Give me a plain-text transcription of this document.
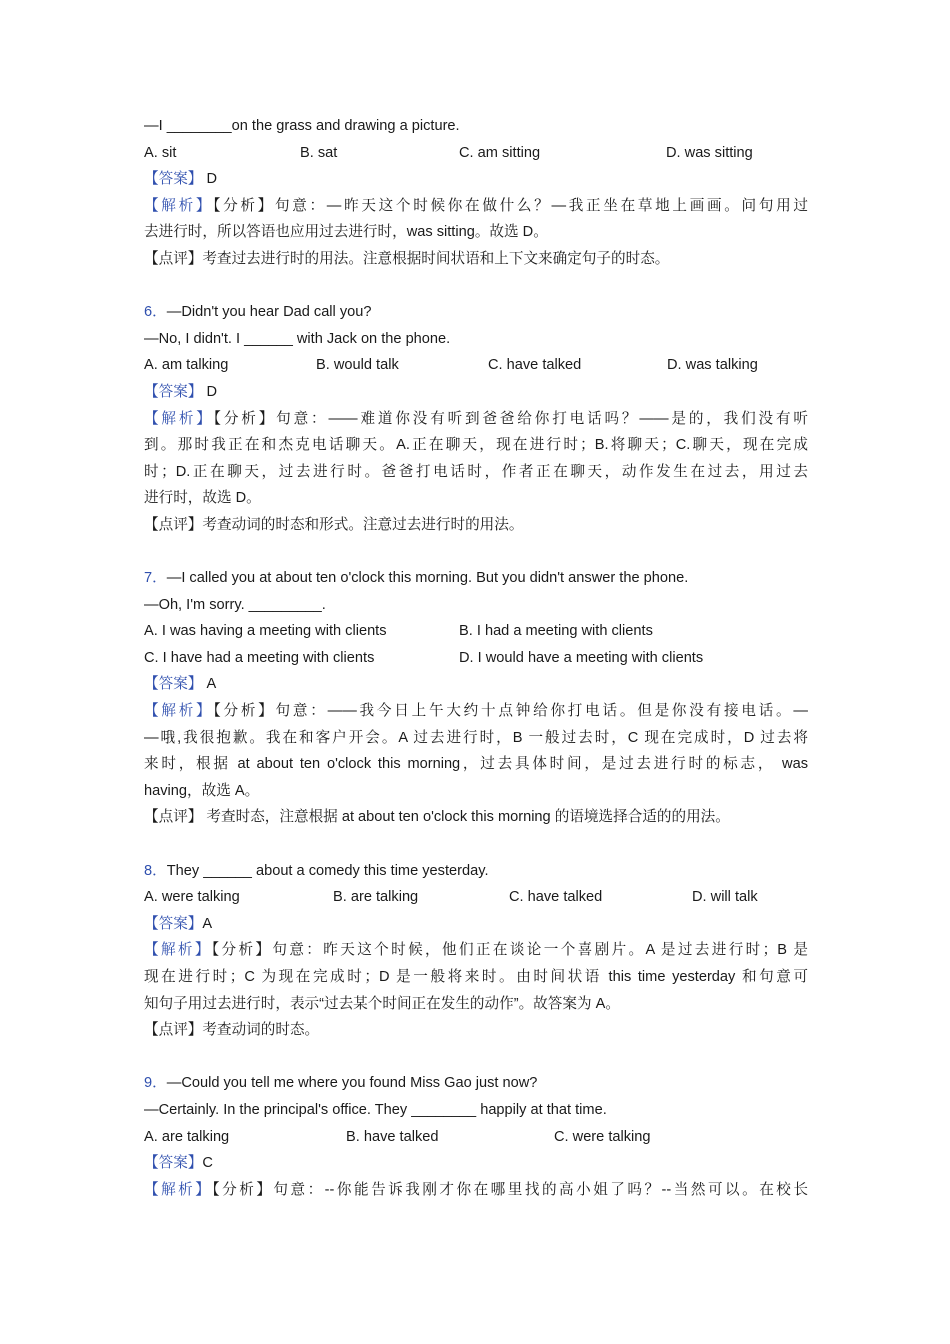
—I ________on the grass and drawing a picture.
A. sit	B. sat	C. am sitting	D. was sitting
【答案】 D
【解析】【分析】句意：—昨天这个时候你在做什么？—我正坐在草地上画画。问句用过
去进行时，所以答语也应用过去进行时，was sitting。故选 D。
【点评】考查过去进行时的用法。注意根据时间状语和上下文来确定句子的时态。
6．—Didn't you hear Dad call you?
—No, I didn't. I ______ with Jack on the phone.
A. am talking	B. would talk	C. have talked	D. was talking
【答案】 D
【解析】【分析】句意：——难道你没有听到爸爸给你打电话吗？——是的，我们没有听
到。那时我正在和杰克电话聊天。A.正在聊天，现在进行时；B.将聊天；C.聊天，现在完成
时；D.正在聊天，过去进行时。爸爸打电话时，作者正在聊天，动作发生在过去，用过去
进行时，故选 D。
【点评】考查动词的时态和形式。注意过去进行时的用法。
7．—I called you at about ten o'clock this morning. But you didn't answer the phone.
—Oh, I'm sorry. _________.
A. I was having a meeting with clients	B. I had a meeting with clients
C. I have had a meeting with clients	D. I would have a meeting with clients
【答案】 A
【解析】【分析】句意：——我今日上午大约十点钟给你打电话。但是你没有接电话。—
—哦,我很抱歉。我在和客户开会。A 过去进行时，B 一般过去时，C 现在完成时，D 过去将
来时，根据 at about ten o'clock this morning，过去具体时间，是过去进行时的标志， was
having，故选 A。
【点评】 考查时态，注意根据 at about ten o'clock this morning 的语境选择合适的的用法。
8．They ______ about a comedy this time yesterday.
A. were talking	B. are talking	C. have talked	D. will talk
【答案】A
【解析】【分析】句意：昨天这个时候，他们正在谈论一个喜剧片。A 是过去进行时；B 是
现在进行时；C 为现在完成时；D 是一般将来时。由时间状语 this time yesterday 和句意可
知句子用过去进行时，表示“过去某个时间正在发生的动作”。故答案为 A。
【点评】考查动词的时态。
9．—Could you tell me where you found Miss Gao just now?
—Certainly. In the principal's office. They ________ happily at that time.
A. are talking	B. have talked	C. were talking
【答案】C
【解析】【分析】句意：--你能告诉我刚才你在哪里找的高小姐了吗？--当然可以。在校长
